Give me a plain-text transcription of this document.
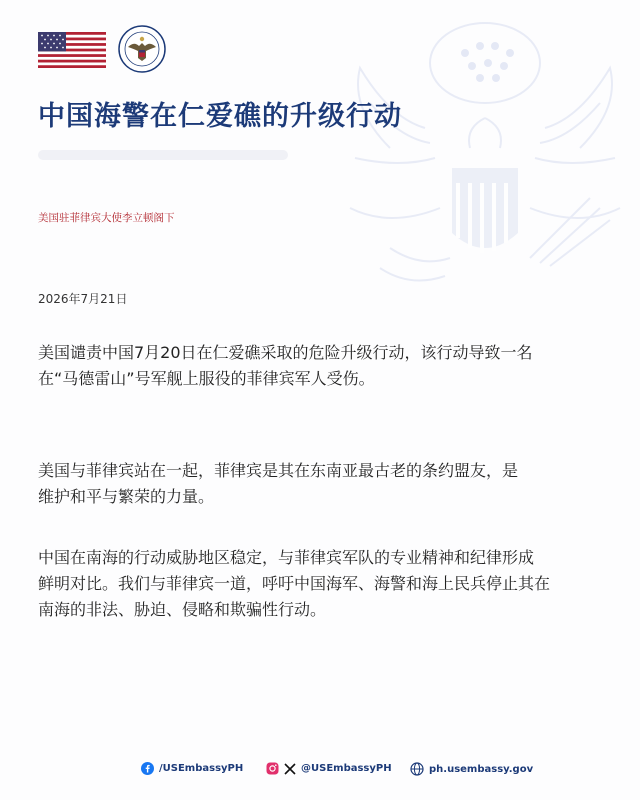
中国海警在仁爱礁的升级行动
美国驻菲律宾大使李立顿阁下
2026年7月21日
美国谴责中国7月20日在仁爱礁采取的危险升级行动，该行动导致一名
在“马德雷山”号军舰上服役的菲律宾军人受伤。
美国与菲律宾站在一起，菲律宾是其在东南亚最古老的条约盟友，是
维护和平与繁荣的力量。
中国在南海的行动威胁地区稳定，与菲律宾军队的专业精神和纪律形成
鲜明对比。我们与菲律宾一道，呼吁中国海军、海警和海上民兵停止其在
南海的非法、胁迫、侵略和欺骗性行动。
/USEmbassyPH	@USEmbassyPH	ph.usembassy.gov
